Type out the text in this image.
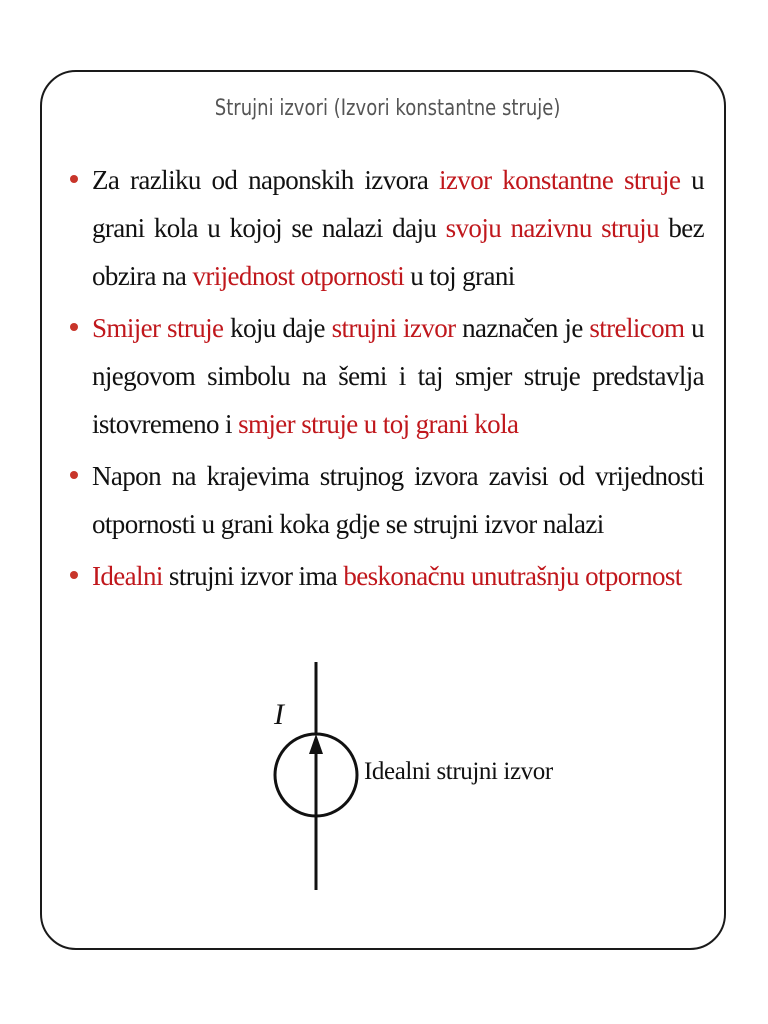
Strujni izvori (Izvori konstantne struje)
Za razliku od naponskih izvora izvor konstantne struje u grani kola u kojoj se nalazi daju svoju nazivnu struju bez obzira na vrijednost otpornosti u toj grani
Smijer struje koju daje strujni izvor naznačen je strelicom u njegovom simbolu na šemi i taj smjer struje predstavlja istovremeno i smjer struje u toj grani kola
Napon na krajevima strujnog izvora zavisi od vrijednosti otpornosti u grani koka gdje se strujni izvor nalazi
Idealni strujni izvor ima beskonačnu unutrašnju otpornost
I
Idealni strujni izvor
